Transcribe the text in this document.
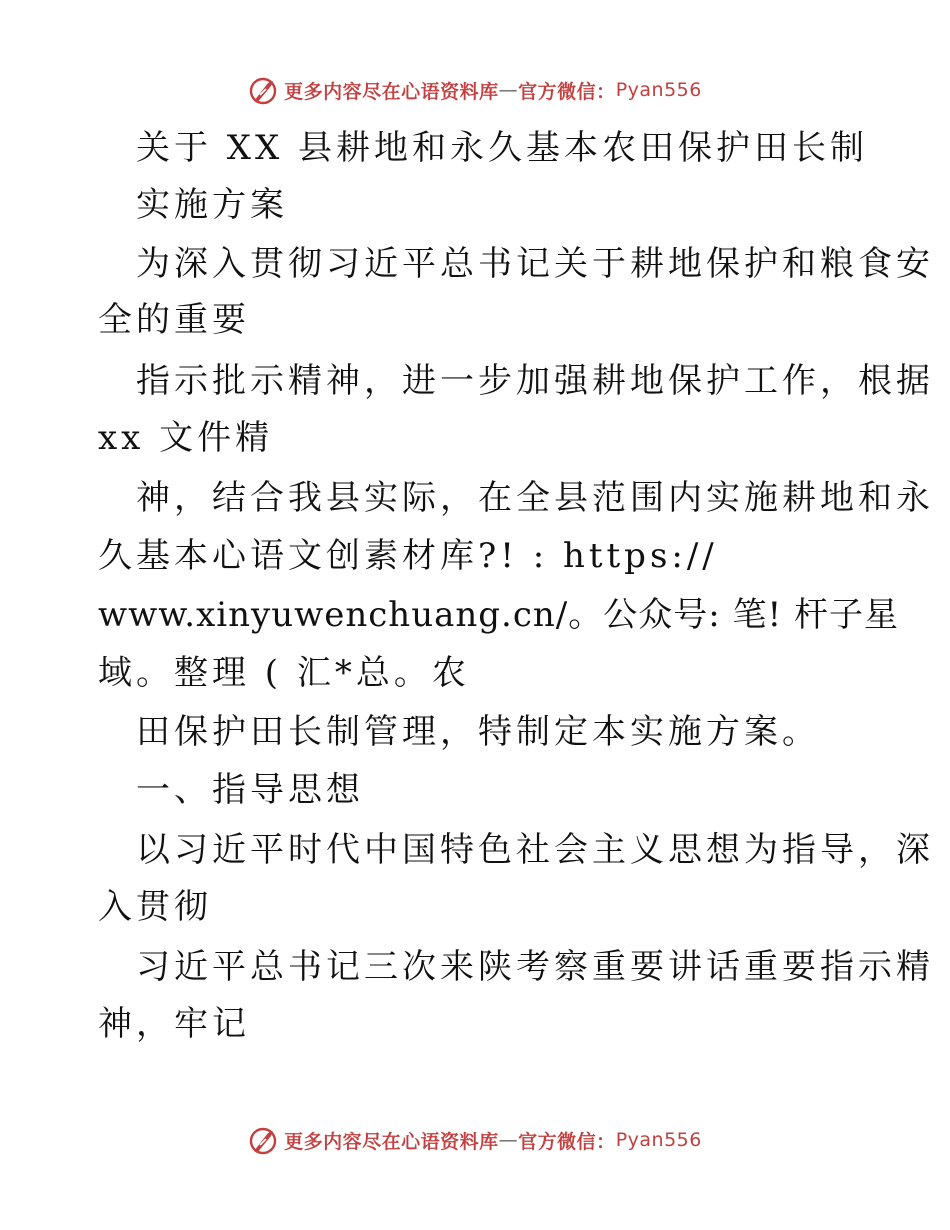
更多内容尽在心语资料库 — 官方微信： Pyan556
关于 XX 县耕地和永久基本农田保护田长制
实施方案
为深入贯彻习近平总书记关于耕地保护和粮食安
全的重要
指示批示精神，进一步加强耕地保护工作，根据
xx 文件精
神，结合我县实际，在全县范围内实施耕地和永
久基本心语文创素材库?! : https://
www.xinyuwenchuang.cn/。公众号: 笔! 杆子星
域。整理 ( 汇*总。农
田保护田长制管理，特制定本实施方案。
一、指导思想
以习近平时代中国特色社会主义思想为指导，深
入贯彻
习近平总书记三次来陕考察重要讲话重要指示精
神，牢记
更多内容尽在心语资料库 — 官方微信： Pyan556
